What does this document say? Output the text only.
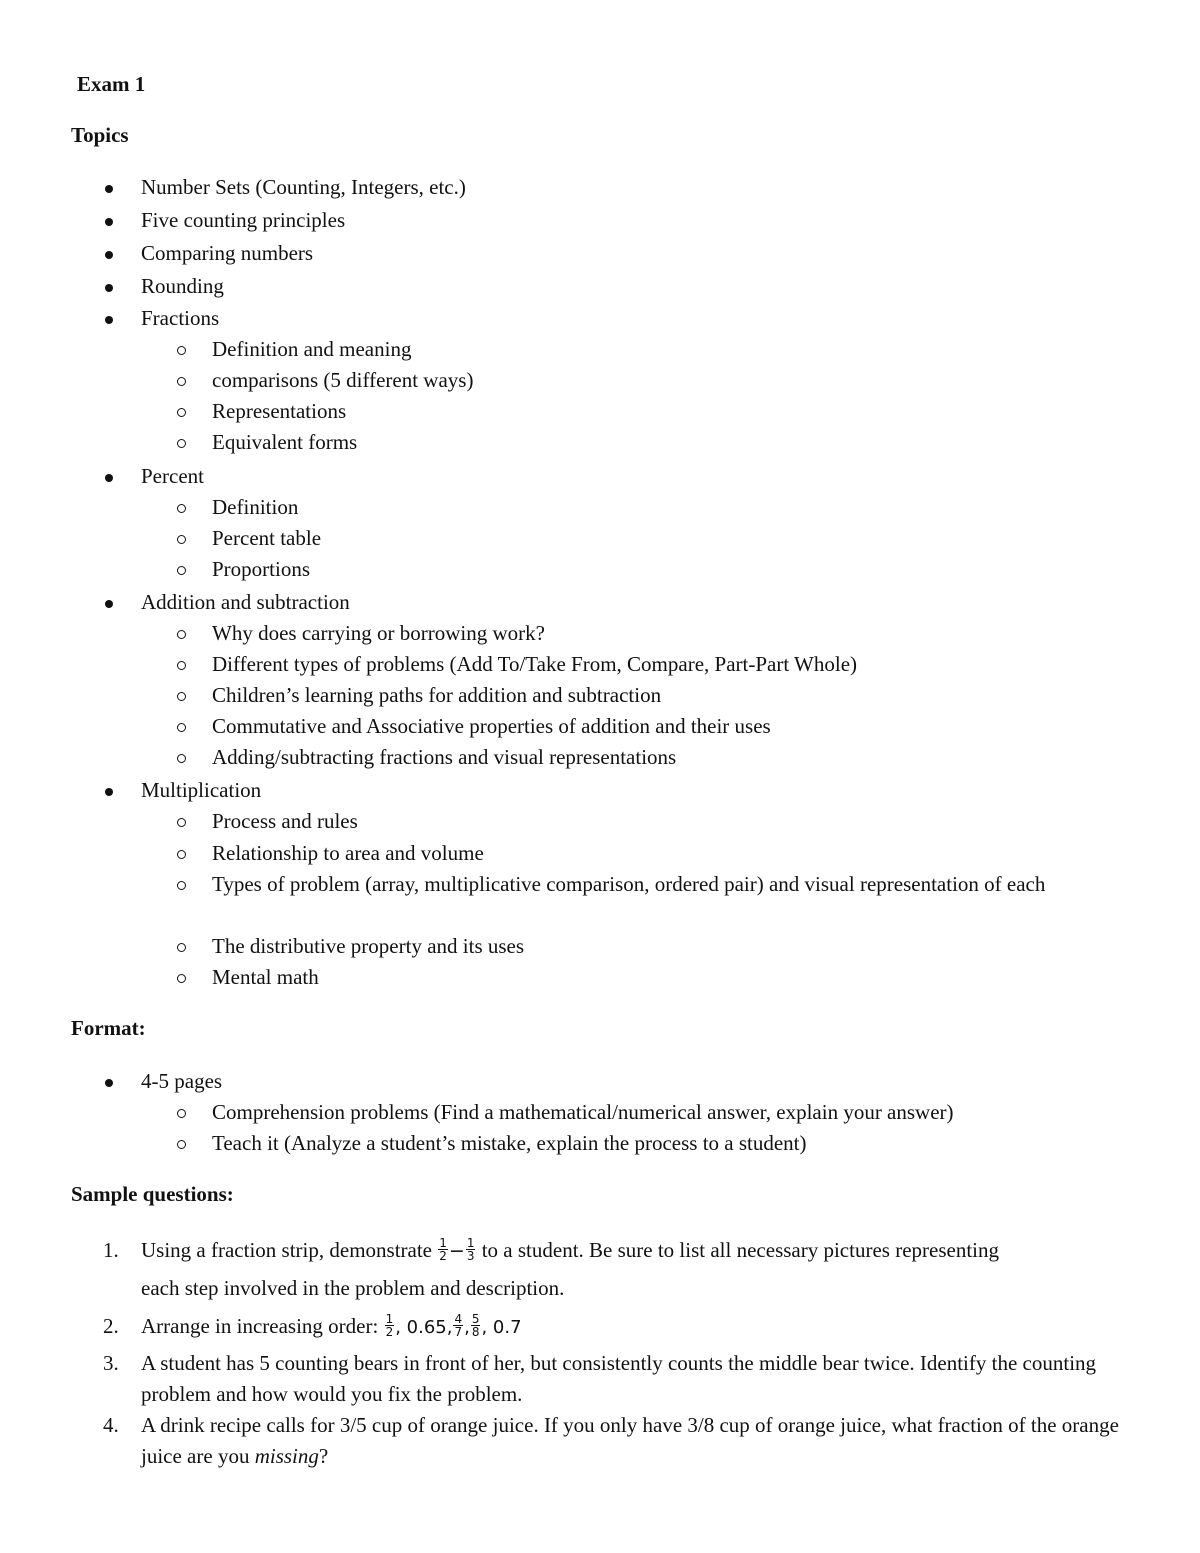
Exam 1
Topics
Number Sets (Counting, Integers, etc.)
Five counting principles
Comparing numbers
Rounding
Fractions
Definition and meaning
comparisons (5 different ways)
Representations
Equivalent forms
Percent
Definition
Percent table
Proportions
Addition and subtraction
Why does carrying or borrowing work?
Different types of problems (Add To/Take From, Compare, Part-Part Whole)
Children’s learning paths for addition and subtraction
Commutative and Associative properties of addition and their uses
Adding/subtracting fractions and visual representations
Multiplication
Process and rules
Relationship to area and volume
Types of problem (array, multiplicative comparison, ordered pair) and visual representation of each
The distributive property and its uses
Mental math
Format:
4-5 pages
Comprehension problems (Find a mathematical/numerical answer, explain your answer)
Teach it (Analyze a student’s mistake, explain the process to a student)
Sample questions:
1. Using a fraction strip, demonstrate $\frac{1}{2} - \frac{1}{3}$ to a student. Be sure to list all necessary pictures representing
each step involved in the problem and description.
2. Arrange in increasing order: $\frac{1}{2}$ , 0.65, $\frac{4}{7}$ , $\frac{5}{8}$ , 0.7
3. A student has 5 counting bears in front of her, but consistently counts the middle bear twice. Identify the counting problem and how would you fix the problem.
4. A drink recipe calls for 3/5 cup of orange juice. If you only have 3/8 cup of orange juice, what fraction of the orange juice are you missing?
